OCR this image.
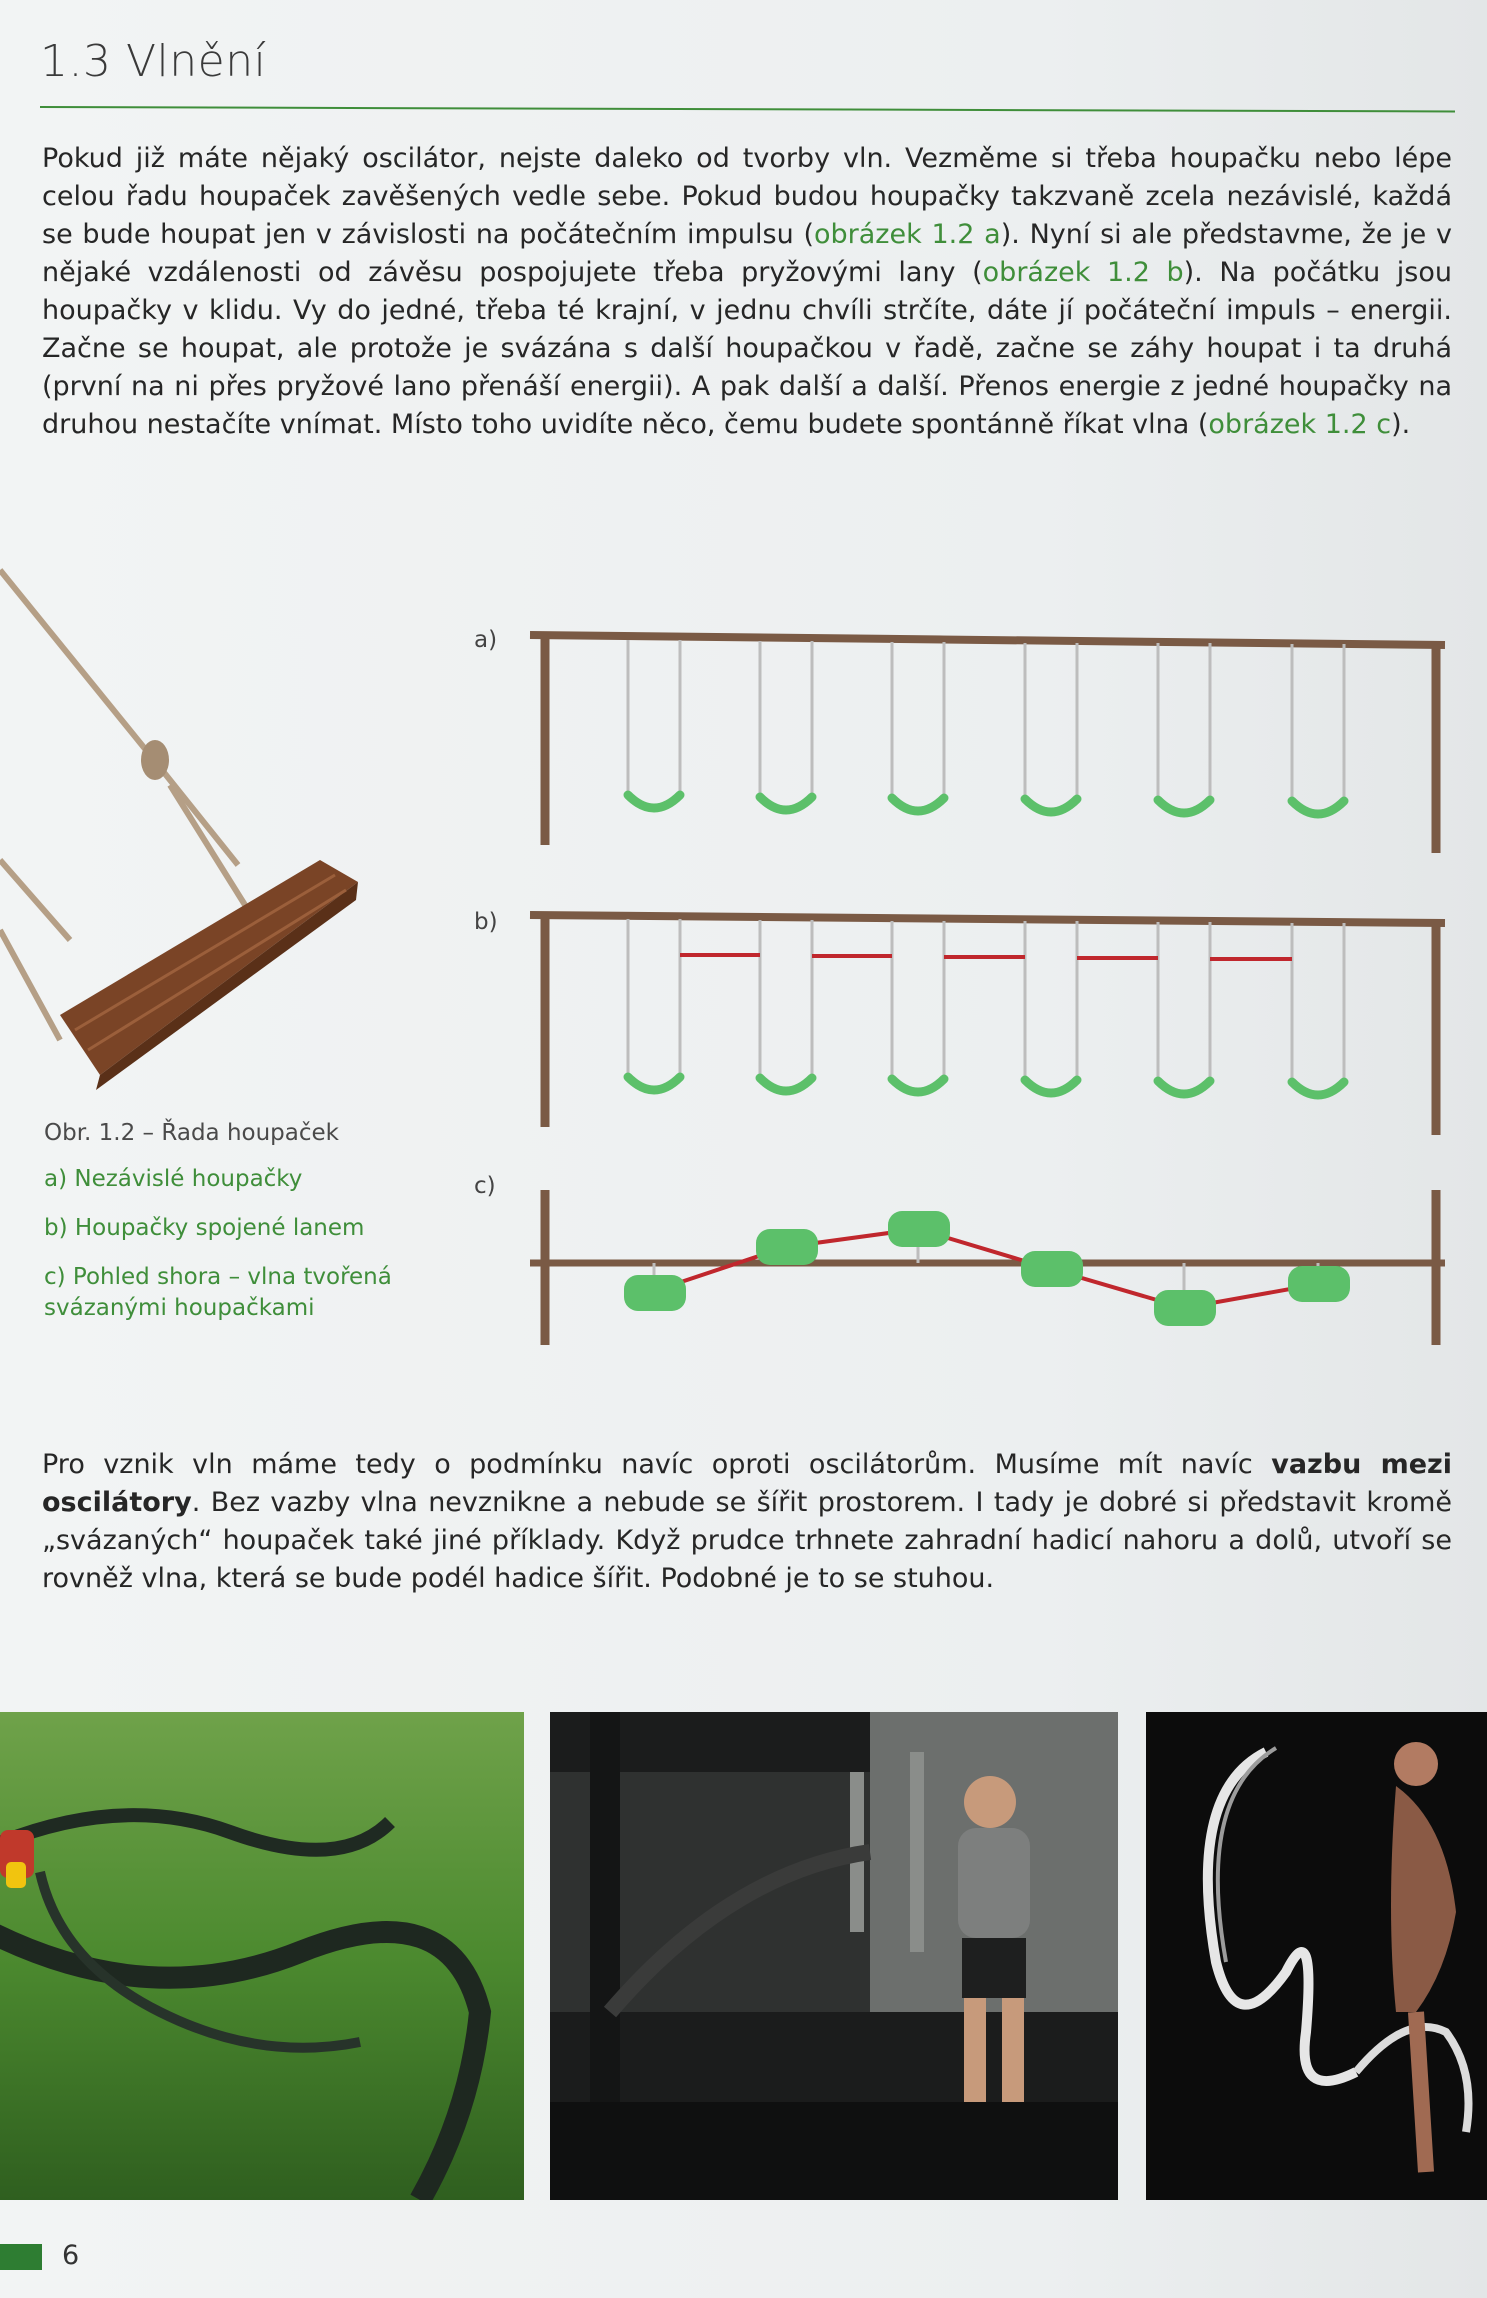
1.3 Vlnění
Pokud již máte nějaký oscilátor, nejste daleko od tvorby vln. Vezměme si třeba houpačku nebo lépe celou řadu houpaček zavěšených vedle sebe. Pokud budou houpačky takzvaně zcela nezávislé, každá se bude houpat jen v závislosti na počátečním impulsu (obrázek 1.2 a). Nyní si ale představme, že je v nějaké vzdálenosti od závěsu pospojujete třeba pryžovými lany (obrázek 1.2 b). Na počátku jsou houpačky v klidu. Vy do jedné, třeba té krajní, v jednu chvíli strčíte, dáte jí počáteční impuls – energii. Začne se houpat, ale protože je svázána s další houpačkou v řadě, začne se záhy houpat i ta druhá (první na ni přes pryžové lano přenáší energii). A pak další a další. Přenos energie z jedné houpačky na druhou nestačíte vnímat. Místo toho uvidíte něco, čemu budete spontánně říkat vlna (obrázek 1.2 c).
Obr. 1.2 – Řada houpaček
a) Nezávislé houpačky
b) Houpačky spojené lanem
c) Pohled shora – vlna tvořená svázanými houpačkami
a)
b)
c)
Pro vznik vln máme tedy o podmínku navíc oproti oscilátorům. Musíme mít navíc vazbu mezi oscilátory. Bez vazby vlna nevznikne a nebude se šířit prostorem. I tady je dobré si představit kromě „svázaných“ houpaček také jiné příklady. Když prudce trhnete zahradní hadicí nahoru a dolů, utvoří se rovněž vlna, která se bude podél hadice šířit. Podobné je to se stuhou.
6
